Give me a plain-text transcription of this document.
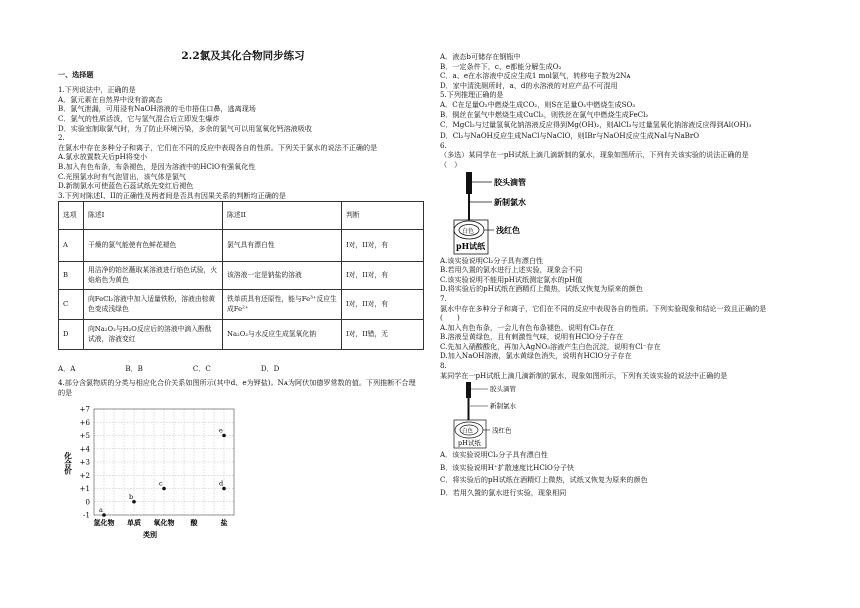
2.2氯及其化合物同步练习
一、选择题
1.下列说法中，正确的是
A．氯元素在自然界中没有游离态
B．氯气泄漏，可用浸有NaOH溶液的毛巾捂住口鼻，逃离现场
C．氯气的性质活泼，它与氢气混合后立即发生爆炸
D．实验室制取氯气时，为了防止环境污染，多余的氯气可以用氢氧化钙溶液吸收
2.
在氯水中存在多种分子和离子，它们在不同的反应中表现各自的性质。下列关于氯水的说法不正确的是
A.氯水放置数天后pH将变小
B.加入有色布条，布条褪色，是因为溶液中的HClO有强氧化性
C.光照氯水时有气泡冒出，该气体是氯气
D.新制氯水可使蓝色石蕊试纸先变红后褪色
3.下列对陈述I、II的正确性及两者间是否具有因果关系的判断均正确的是
选项	陈述I	陈述II	判断
A	干燥的氯气能使有色鲜花褪色	氯气具有漂白性	I对，II对，有
B	用洁净的铂丝蘸取某溶液进行焰色试验，火焰焰色为黄色	该溶液一定是钠盐的溶液	I对，II对，有
C	向FeCl₂溶液中加入适量铁粉，溶液由棕黄色变成浅绿色	铁单质具有还原性，能与Fe³⁺反应生成Fe²⁺	I对，II对，有
D	向Na₂O₂与H₂O反应后的溶液中滴入酚酞试液，溶液变红	Na₂O₂与水反应生成氢氧化钠	I对，II错，无
A．A	B．B	C．C	D．D
4.部分含氯物质的分类与相应化合价关系如图所示(其中d、e为钾盐)。Nᴀ为阿伏加德罗常数的值。下列推断不合理的是
+7
+6
+5
+4
+3
+2
+1
0
-1
化合价
氢化物 单质 氧化物 酸	盐
类别
a
b
c	d
e
A．液态b可储存在钢瓶中
B．一定条件下，c、e都能分解生成O₂
C．a、e在水溶液中反应生成1 mol氯气，转移电子数为2Nᴀ
D．家中清洗厕所时，a、d的水溶液的对应产品不可混用
5.下列推理正确的是
A．C在足量O₂中燃烧生成CO₂，则S在足量O₂中燃烧生成SO₃
B．铜丝在氯气中燃烧生成CuCl₂，则铁丝在氯气中燃烧生成FeCl₂
C．MgCl₂与过量氢氧化钠溶液反应得到Mg(OH)₂，则AlCl₃与过量氢氧化钠溶液反应得到Al(OH)₃
D．Cl₂与NaOH反应生成NaCl与NaClO，则IBr与NaOH反应生成NaI与NaBrO
6.
（多选）某同学在一pH试纸上滴几滴新制的氯水，现象如图所示，下列有关该实验的说法正确的是
（　）
胶头滴管
新制氯水
白色	浅红色
pH试纸
A.该实验说明Cl₂分子具有漂白性
B.若用久置的氯水进行上述实验，现象会不同
C.该实验说明不能用pH试纸测定氯水的pH值
D.将实验后的pH试纸在酒精灯上微热，试纸又恢复为原来的颜色
7.
氯水中存在多种分子和离子，它们在不同的反应中表现各自的性质。下列实验现象和结论一致且正确的是
(　　)
A.加入有色布条，一会儿有色布条褪色，说明有Cl₂存在
B.溶液呈黄绿色，且有刺激性气味，说明有HClO分子存在
C.先加入硝酸酸化，再加入AgNO₃溶液产生白色沉淀，说明有Cl⁻存在
D.加入NaOH溶液，氯水黄绿色消失，说明有HClO分子存在
8.
某同学在一pH试纸上滴几滴新制的氯水，现象如图所示，下列有关该实验的说法中正确的是
胶头滴管
新制氯水
白色	浅红色
pH试纸
A．该实验说明Cl₂分子具有漂白性
B．该实验说明H⁺扩散速度比HClO分子快
C．将实验后的pH试纸在酒精灯上微热，试纸又恢复为原来的颜色
D．若用久置的氯水进行实验，现象相同
